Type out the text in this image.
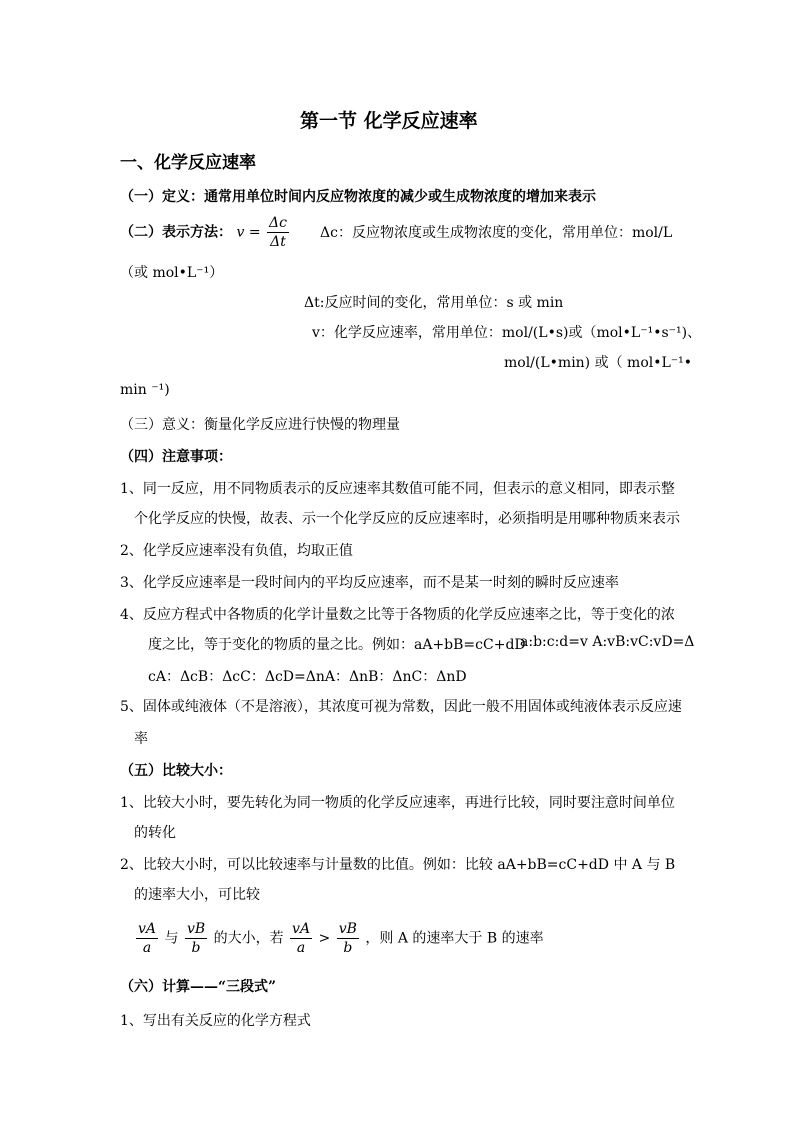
第一节 化学反应速率
一、化学反应速率
（一）定义：通常用单位时间内反应物浓度的减少或生成物浓度的增加来表示
（二）表示方法： $v = \frac{\Delta c}{\Delta t}$ Δc：反应物浓度或生成物浓度的变化，常用单位：mol/L
（或 mol•L⁻¹）
Δt:反应时间的变化，常用单位：s 或 min
v：化学反应速率，常用单位：mol/(L•s)或（mol•L⁻¹•s⁻¹)、
mol/(L•min) 或（ mol•L⁻¹•
min ⁻¹)
（三）意义：衡量化学反应进行快慢的物理量
（四）注意事项：
1、同一反应，用不同物质表示的反应速率其数值可能不同，但表示的意义相同，即表示整
个化学反应的快慢，故表、示一个化学反应的反应速率时，必须指明是用哪种物质来表示
2、化学反应速率没有负值，均取正值
3、化学反应速率是一段时间内的平均反应速率，而不是某一时刻的瞬时反应速率
4、反应方程式中各物质的化学计量数之比等于各物质的化学反应速率之比，等于变化的浓
度之比，等于变化的物质的量之比。例如：aA+bB=cC+dD
a:b:c:d=v A:vB:vC:vD=Δ
cA：ΔcB：ΔcC：ΔcD=ΔnA：ΔnB：ΔnC：ΔnD
5、固体或纯液体（不是溶液），其浓度可视为常数，因此一般不用固体或纯液体表示反应速
率
（五）比较大小：
1、比较大小时，要先转化为同一物质的化学反应速率，再进行比较，同时要注意时间单位
的转化
2、比较大小时，可以比较速率与计量数的比值。例如：比较 aA+bB=cC+dD 中 A 与 B
的速率大小，可比较
$\frac{vA}{a}$ 与 $\frac{vB}{b}$ 的大小，若 $\frac{vA}{a} > \frac{vB}{b}$ ，则 A 的速率大于 B 的速率
（六）计算——“三段式”
1、写出有关反应的化学方程式
